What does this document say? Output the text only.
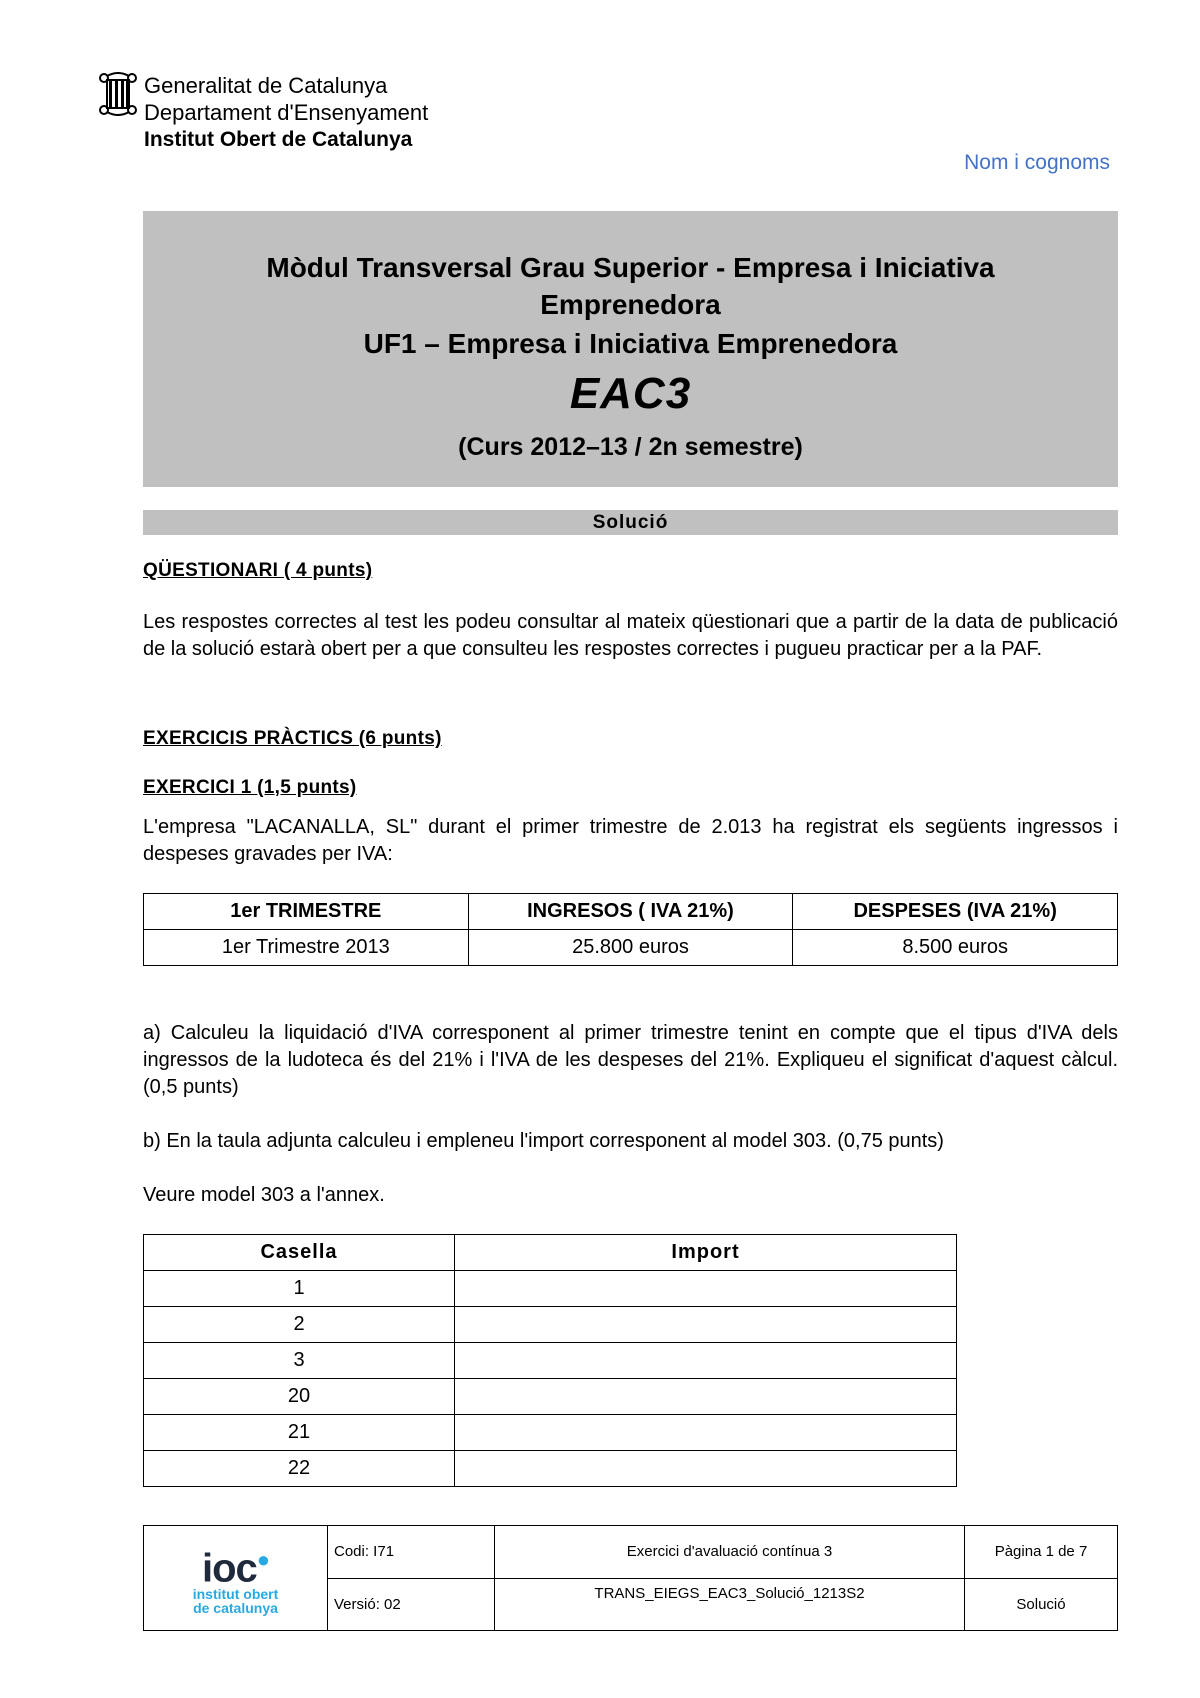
Generalitat de Catalunya
Departament d'Ensenyament
Institut Obert de Catalunya
Nom i cognoms
Mòdul Transversal Grau Superior - Empresa i Iniciativa Emprenedora
UF1 – Empresa i Iniciativa Emprenedora
EAC3
(Curs 2012–13 / 2n semestre)
Solució
QÜESTIONARI ( 4 punts)
Les respostes correctes al test les podeu consultar al mateix qüestionari que a partir de la data de publicació de la solució estarà obert per a que consulteu les respostes correctes i pugueu practicar per a la PAF.
EXERCICIS PRÀCTICS (6 punts)
EXERCICI 1 (1,5 punts)
L'empresa "LACANALLA, SL" durant el primer trimestre de 2.013 ha registrat els següents ingressos i despeses gravades per IVA:
1er TRIMESTRE	INGRESOS ( IVA 21%)	DESPESES (IVA 21%)
1er Trimestre 2013	25.800 euros	8.500 euros
a) Calculeu la liquidació d'IVA corresponent al primer trimestre tenint en compte que el tipus d'IVA dels ingressos de la ludoteca és del 21% i l'IVA de les despeses del 21%. Expliqueu el significat d'aquest càlcul. (0,5 punts)
b) En la taula adjunta calculeu i empleneu l'import corresponent al model 303. (0,75 punts)
Veure model 303 a l'annex.
Casella	Import
1	
2	
3	
20	
21	
22	
ioc●
institut obert
de catalunya	Codi: I71	Exercici d'avaluació contínua 3	Pàgina 1 de 7
	Versió: 02	TRANS_EIEGS_EAC3_Solució_1213S2	Solució
